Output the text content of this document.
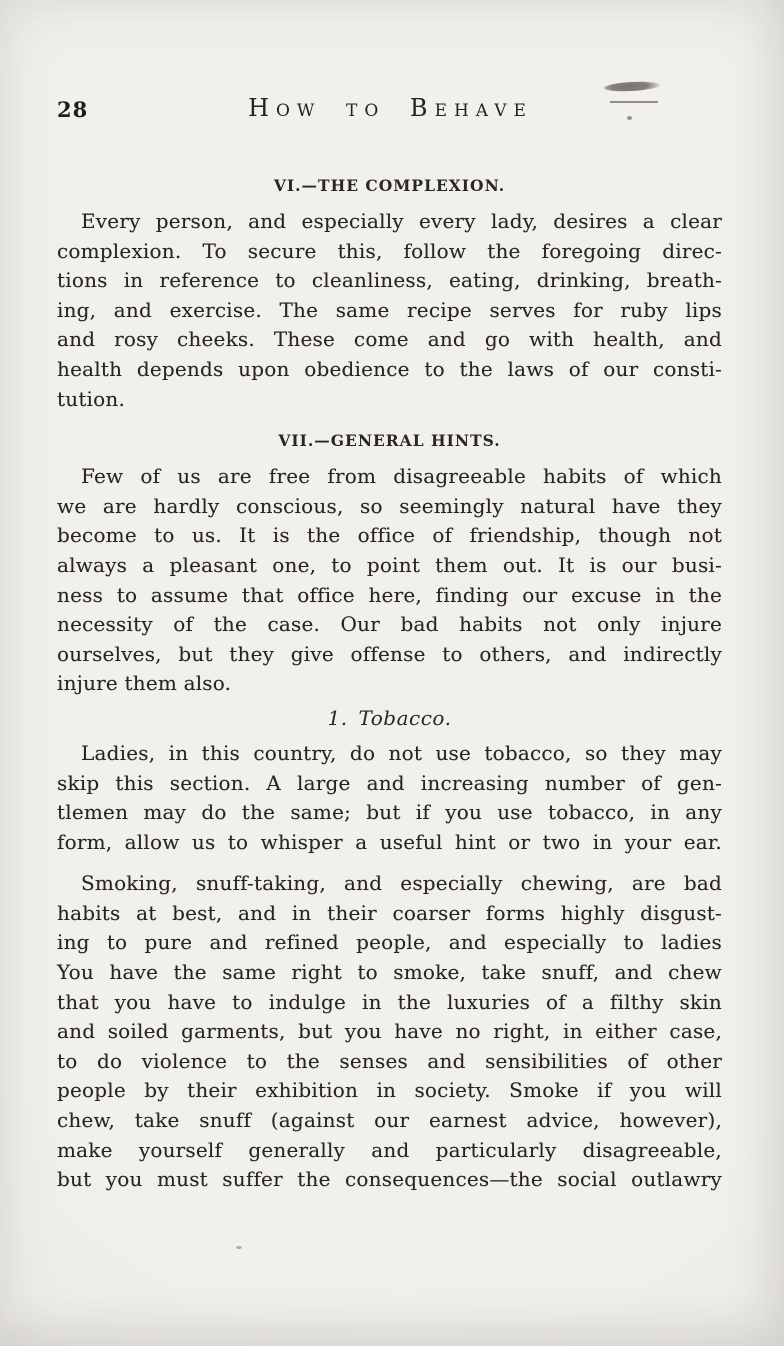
28	How to Behave
VI.—THE COMPLEXION.
Every person, and especially every lady, desires a clear
complexion. To secure this, follow the foregoing direc-
tions in reference to cleanliness, eating, drinking, breath-
ing, and exercise. The same recipe serves for ruby lips
and rosy cheeks. These come and go with health, and
health depends upon obedience to the laws of our consti-
tution.
VII.—GENERAL HINTS.
Few of us are free from disagreeable habits of which
we are hardly conscious, so seemingly natural have they
become to us. It is the office of friendship, though not
always a pleasant one, to point them out. It is our busi-
ness to assume that office here, finding our excuse in the
necessity of the case. Our bad habits not only injure
ourselves, but they give offense to others, and indirectly
injure them also.
1. Tobacco.
Ladies, in this country, do not use tobacco, so they may
skip this section. A large and increasing number of gen-
tlemen may do the same; but if you use tobacco, in any
form, allow us to whisper a useful hint or two in your ear.
Smoking, snuff-taking, and especially chewing, are bad
habits at best, and in their coarser forms highly disgust-
ing to pure and refined people, and especially to ladies
You have the same right to smoke, take snuff, and chew
that you have to indulge in the luxuries of a filthy skin
and soiled garments, but you have no right, in either case,
to do violence to the senses and sensibilities of other
people by their exhibition in society. Smoke if you will
chew, take snuff (against our earnest advice, however),
make yourself generally and particularly disagreeable,
but you must suffer the consequences—the social outlawry
